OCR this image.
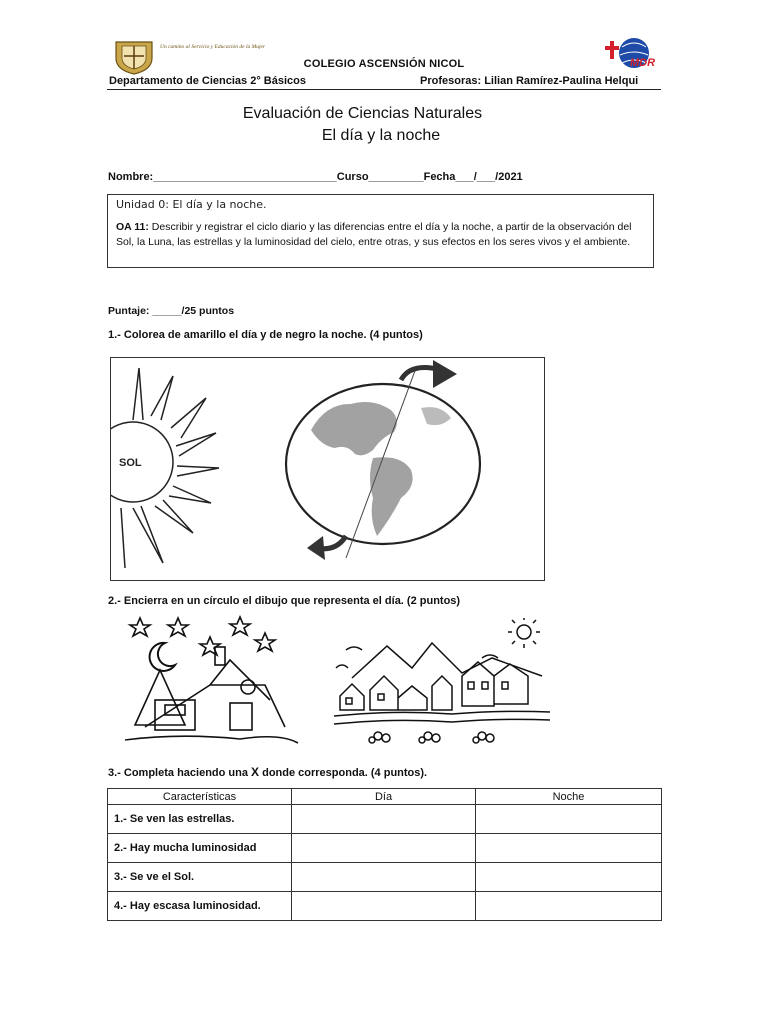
Un camino al Servicio y Educación de la Mujer
MDR
COLEGIO ASCENSIÓN NICOL
Departamento de Ciencias 2° Básicos	Profesoras: Lilian Ramírez-Paulina Helqui
Evaluación de Ciencias Naturales
El día y la noche
Nombre:______________________________Curso_________Fecha___/___/2021
Unidad 0: El día y la noche.
OA 11: Describir y registrar el ciclo diario y las diferencias entre el día y la noche, a partir de la observación del Sol, la Luna, las estrellas y la luminosidad del cielo, entre otras, y sus efectos en los seres vivos y el ambiente.
Puntaje: _____/25 puntos
1.- Colorea de amarillo el día y de negro la noche. (4 puntos)
SOL
2.- Encierra en un círculo el dibujo que representa el día. (2 puntos)
3.- Completa haciendo una X donde corresponda. (4 puntos).
Características	Día	Noche
1.- Se ven las estrellas.		
2.- Hay mucha luminosidad		
3.- Se ve el Sol.		
4.- Hay escasa luminosidad.		
